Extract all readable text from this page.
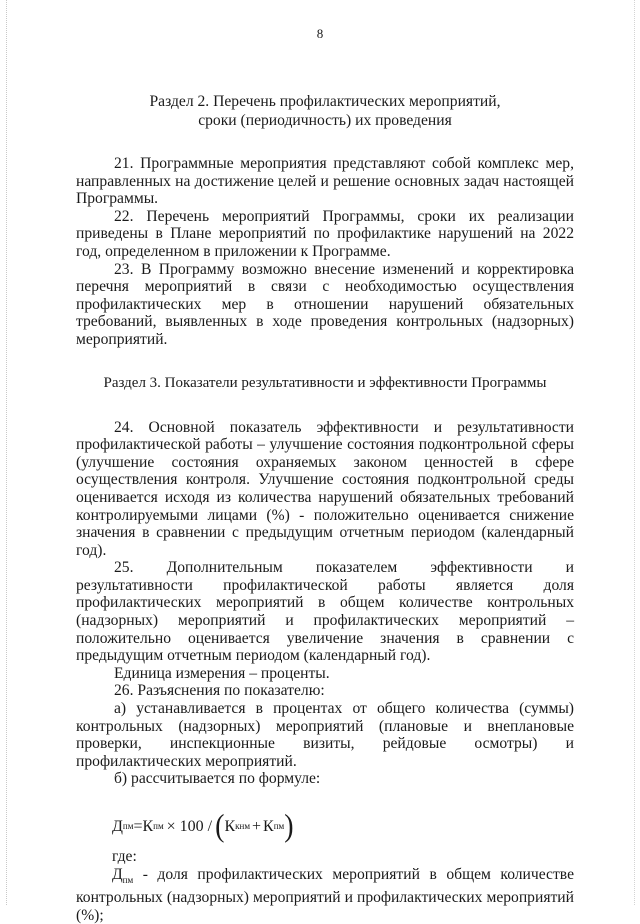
8
Раздел 2. Перечень профилактических мероприятий,
сроки (периодичность) их проведения

21. Программные мероприятия представляют собой комплекс мер, направленных на достижение целей и решение основных задач настоящей Программы.

22. Перечень мероприятий Программы, сроки их реализации приведены в Плане мероприятий по профилактике нарушений на 2022 год, определенном в приложении к Программе.

23. В Программу возможно внесение изменений и корректировка перечня мероприятий в связи с необходимостью осуществления профилактических мер в отношении нарушений обязательных требований, выявленных в ходе проведения контрольных (надзорных) мероприятий.

Раздел 3. Показатели результативности и эффективности Программы

24. Основной показатель эффективности и результативности профилактической работы – улучшение состояния подконтрольной сферы (улучшение состояния охраняемых законом ценностей в сфере осуществления контроля. Улучшение состояния подконтрольной среды оценивается исходя из количества нарушений обязательных требований контролируемыми лицами (%) - положительно оценивается снижение значения в сравнении с предыдущим отчетным периодом (календарный год).

25. Дополнительным показателем эффективности и результативности профилактической работы является доля профилактических мероприятий в общем количестве контрольных (надзорных) мероприятий и профилактических мероприятий – положительно оценивается увеличение значения в сравнении с предыдущим отчетным периодом (календарный год).

Единица измерения – проценты.

26. Разъяснения по показателю:

а) устанавливается в процентах от общего количества (суммы) контрольных (надзорных) мероприятий (плановые и внеплановые проверки, инспекционные визиты, рейдовые осмотры) и профилактических мероприятий.

б) рассчитывается по формуле:

Д пм = К пм × 100 / ( К кнм + К пм )

где:

$Д_{пм}$ - доля профилактических мероприятий в общем количестве контрольных (надзорных) мероприятий и профилактических мероприятий (%);
